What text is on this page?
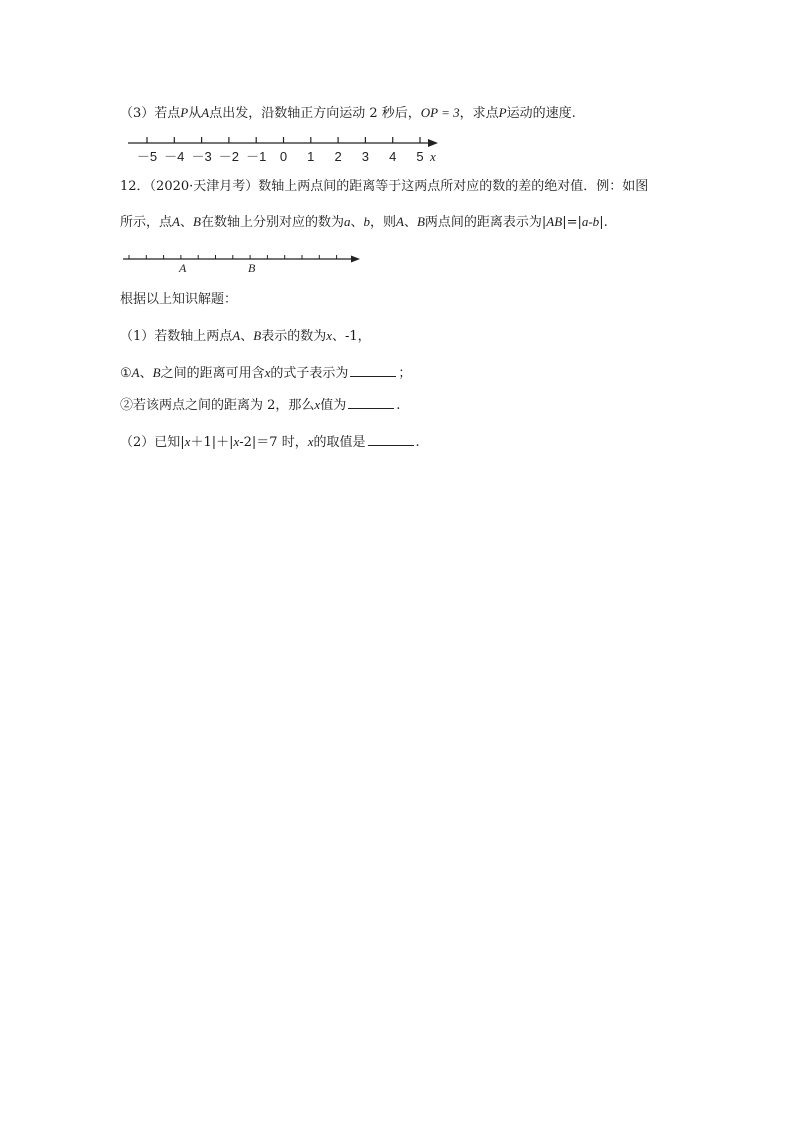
（3）若点P从A点出发，沿数轴正方向运动 2 秒后，OP = 3，求点P运动的速度.
－5 －4 －3 －2 －1 0 1 2 3 4 5 x
12．（2020·天津月考）数轴上两点间的距离等于这两点所对应的数的差的绝对值．例：如图
所示，点A、B在数轴上分别对应的数为a、b，则A、B两点间的距离表示为|AB|=|a-b|.
A	B
根据以上知识解题：
（1）若数轴上两点A、B表示的数为x、-1，
①A、B之间的距离可用含x的式子表示为	；
②若该两点之间的距离为 2，那么x值为	.
（2）已知|x＋1|＋|x-2|＝7 时，x的取值是	.
